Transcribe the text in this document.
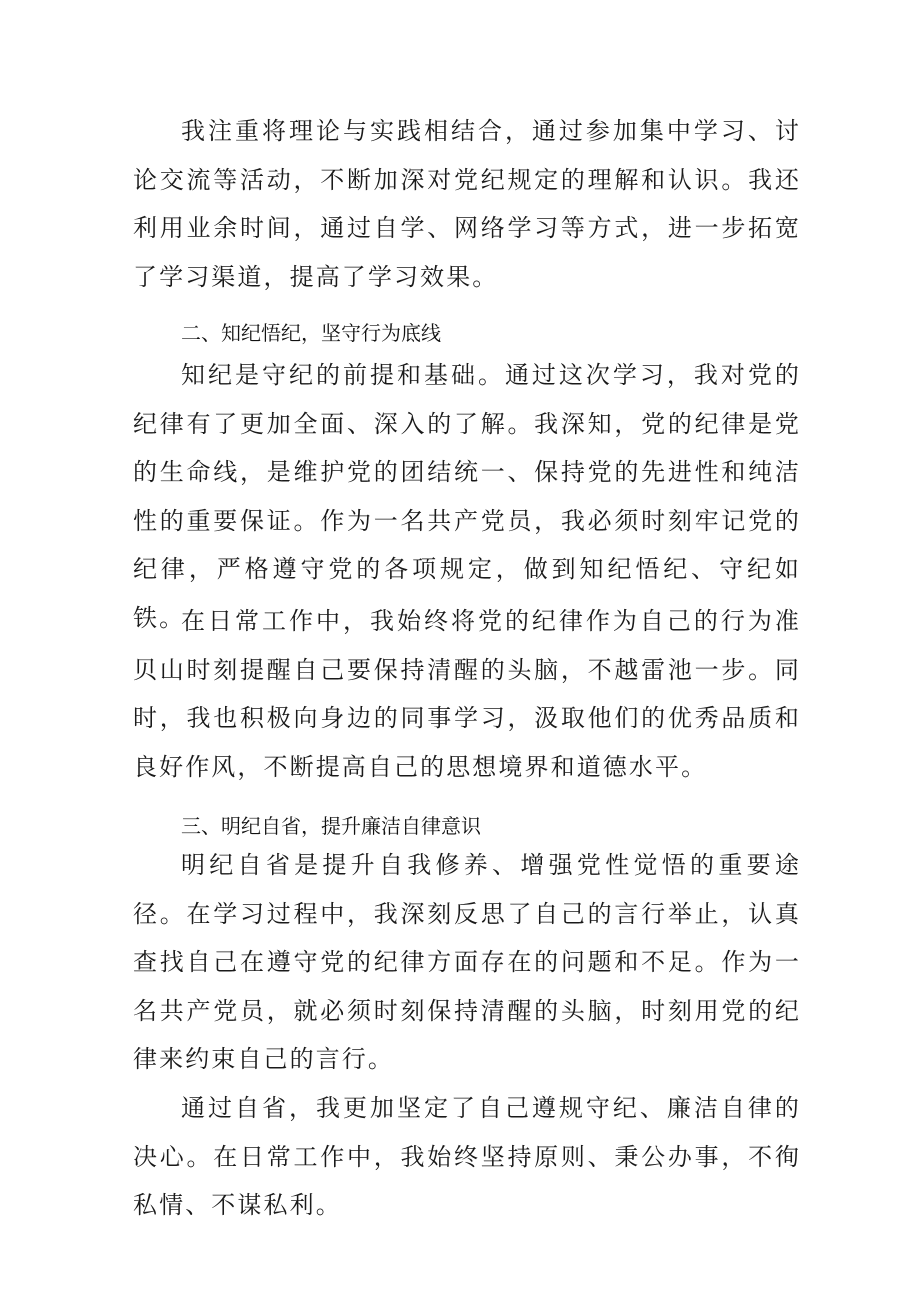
我注重将理论与实践相结合，通过参加集中学习、讨论交流等活动，不断加深对党纪规定的理解和认识。我还利用业余时间，通过自学、网络学习等方式，进一步拓宽了学习渠道，提高了学习效果。

二、知纪悟纪，坚守行为底线

知纪是守纪的前提和基础。通过这次学习，我对党的纪律有了更加全面、深入的了解。我深知，党的纪律是党的生命线，是维护党的团结统一、保持党的先进性和纯洁性的重要保证。作为一名共产党员，我必须时刻牢记党的纪律，严格遵守党的各项规定，做到知纪悟纪、守纪如铁。

在日常工作中，我始终将党的纪律作为自己的行为准贝山时刻提醒自己要保持清醒的头脑，不越雷池一步。同时，我也积极向身边的同事学习，汲取他们的优秀品质和良好作风，不断提高自己的思想境界和道德水平。

三、明纪自省，提升廉洁自律意识

明纪自省是提升自我修养、增强党性觉悟的重要途径。在学习过程中，我深刻反思了自己的言行举止，认真查找自己在遵守党的纪律方面存在的问题和不足。作为一名共产党员，就必须时刻保持清醒的头脑，时刻用党的纪律来约束自己的言行。

通过自省，我更加坚定了自己遵规守纪、廉洁自律的决心。在日常工作中，我始终坚持原则、秉公办事，不徇私情、不谋私利。
